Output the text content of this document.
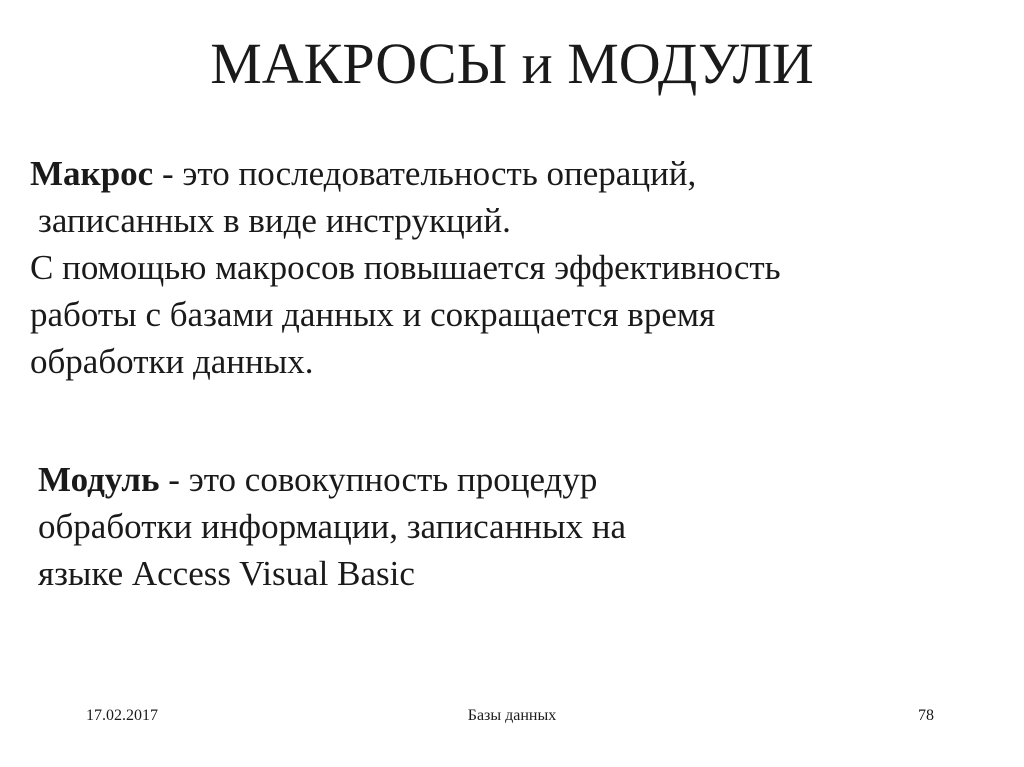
МАКРОСЫ и МОДУЛИ
Макрос - это последовательность операций,
записанных в виде инструкций.
С помощью макросов повышается эффективность
работы с базами данных и сокращается время
обработки данных.
Модуль - это совокупность процедур
обработки информации, записанных на
языке Access Visual Basic
17.02.2017	Базы данных	78
